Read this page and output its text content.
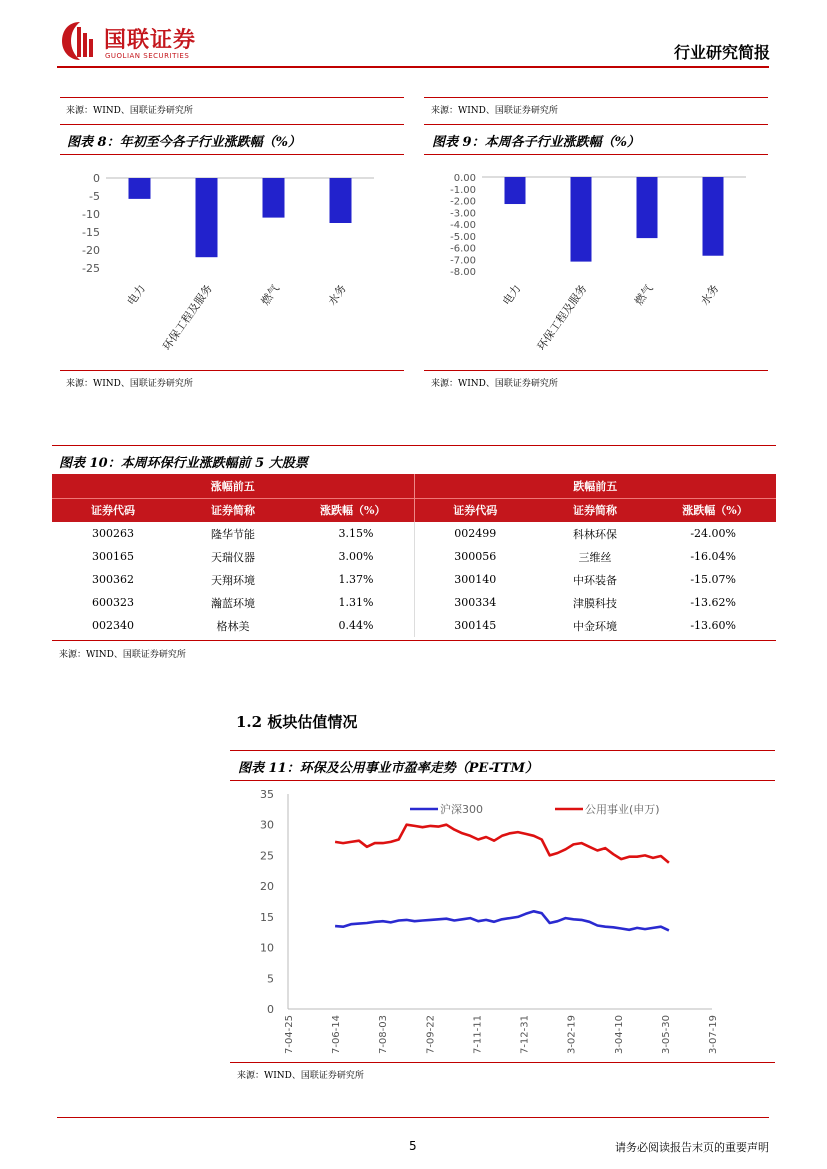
国联证券
GUOLIAN SECURITIES	行业研究简报
来源：WIND、国联证券研究所	来源：WIND、国联证券研究所
图表 8：年初至今各子行业涨跌幅（%）	图表 9：本周各子行业涨跌幅（%）
0
-5
-10
-15
-20
-25
电力 环保工程及服务	燃气	水务
0.00
-1.00
-2.00
-3.00
-4.00
-5.00
-6.00
-7.00
-8.00
电力 环保工程及服务	燃气	水务
来源：WIND、国联证券研究所	来源：WIND、国联证券研究所
图表 10：本周环保行业涨跌幅前 5 大股票
涨幅前五			跌幅前五		
证券代码	证券简称	涨跌幅（%）	证券代码	证券简称	涨跌幅（%）
300263	隆华节能	3.15%	002499	科林环保	-24.00%
300165	天瑞仪器	3.00%	300056	三维丝	-16.04%
300362	天翔环境	1.37%	300140	中环装备	-15.07%
600323	瀚蓝环境	1.31%	300334	津膜科技	-13.62%
002340	格林美	0.44%	300145	中金环境	-13.60%
来源：WIND、国联证券研究所
1.2 板块估值情况
图表 11：环保及公用事业市盈率走势（PE-TTM）
0
5
10
15
20
25
30
35
7-04-25	7-06-14	7-08-03	7-09-22	7-11-11	7-12-31	3-02-19	3-04-10	3-05-30	3-07-19
沪深300	公用事业(申万)
来源：WIND、国联证券研究所
5	请务必阅读报告末页的重要声明
